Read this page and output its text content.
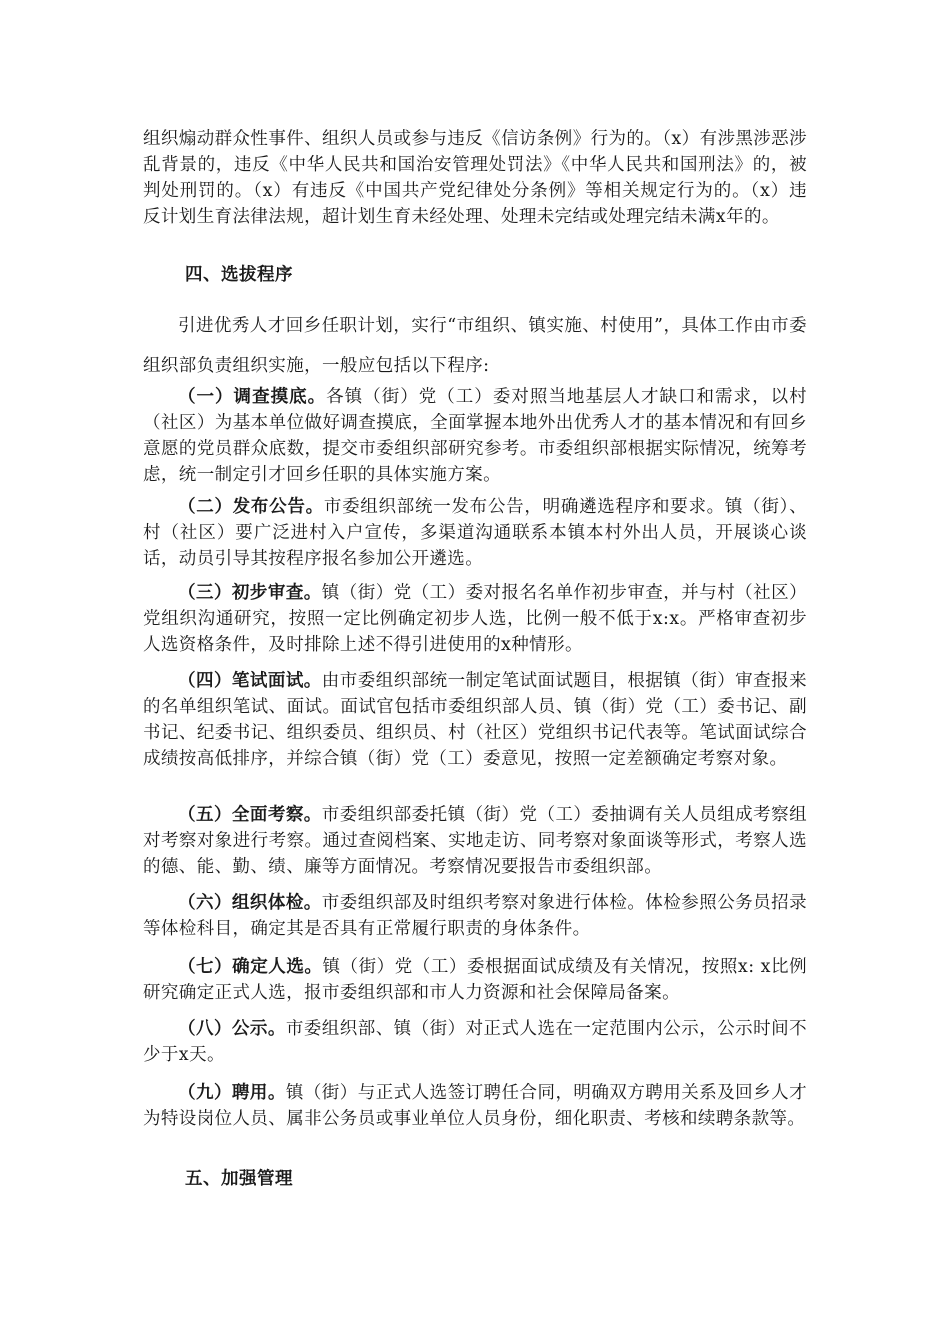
组织煽动群众性事件、组织人员或参与违反《信访条例》行为的。（x）有涉黑涉恶涉乱背景的，违反《中华人民共和国治安管理处罚法》《中华人民共和国刑法》的，被判处刑罚的。（x）有违反《中国共产党纪律处分条例》等相关规定行为的。（x）违反计划生育法律法规，超计划生育未经处理、处理未完结或处理完结未满x年的。

四、选拔程序

引进优秀人才回乡任职计划，实行“市组织、镇实施、村使用”，具体工作由市委组织部负责组织实施，一般应包括以下程序:

（一）调查摸底。各镇（街）党（工）委对照当地基层人才缺口和需求，以村（社区）为基本单位做好调查摸底，全面掌握本地外出优秀人才的基本情况和有回乡意愿的党员群众底数，提交市委组织部研究参考。市委组织部根据实际情况，统筹考虑，统一制定引才回乡任职的具体实施方案。

（二）发布公告。市委组织部统一发布公告，明确遴选程序和要求。镇（街）、村（社区）要广泛进村入户宣传，多渠道沟通联系本镇本村外出人员，开展谈心谈话，动员引导其按程序报名参加公开遴选。

（三）初步审查。镇（街）党（工）委对报名名单作初步审查，并与村（社区）党组织沟通研究，按照一定比例确定初步人选，比例一般不低于x:x。严格审查初步人选资格条件，及时排除上述不得引进使用的x种情形。

（四）笔试面试。由市委组织部统一制定笔试面试题目，根据镇（街）审查报来的名单组织笔试、面试。面试官包括市委组织部人员、镇（街）党（工）委书记、副书记、纪委书记、组织委员、组织员、村（社区）党组织书记代表等。笔试面试综合成绩按高低排序，并综合镇（街）党（工）委意见，按照一定差额确定考察对象。

（五）全面考察。市委组织部委托镇（街）党（工）委抽调有关人员组成考察组对考察对象进行考察。通过查阅档案、实地走访、同考察对象面谈等形式，考察人选的德、能、勤、绩、廉等方面情况。考察情况要报告市委组织部。

（六）组织体检。市委组织部及时组织考察对象进行体检。体检参照公务员招录等体检科目，确定其是否具有正常履行职责的身体条件。

（七）确定人选。镇（街）党（工）委根据面试成绩及有关情况，按照x: x比例研究确定正式人选，报市委组织部和市人力资源和社会保障局备案。

（八）公示。市委组织部、镇（街）对正式人选在一定范围内公示，公示时间不少于x天。

（九）聘用。镇（街）与正式人选签订聘任合同，明确双方聘用关系及回乡人才为特设岗位人员、属非公务员或事业单位人员身份，细化职责、考核和续聘条款等。

五、加强管理
